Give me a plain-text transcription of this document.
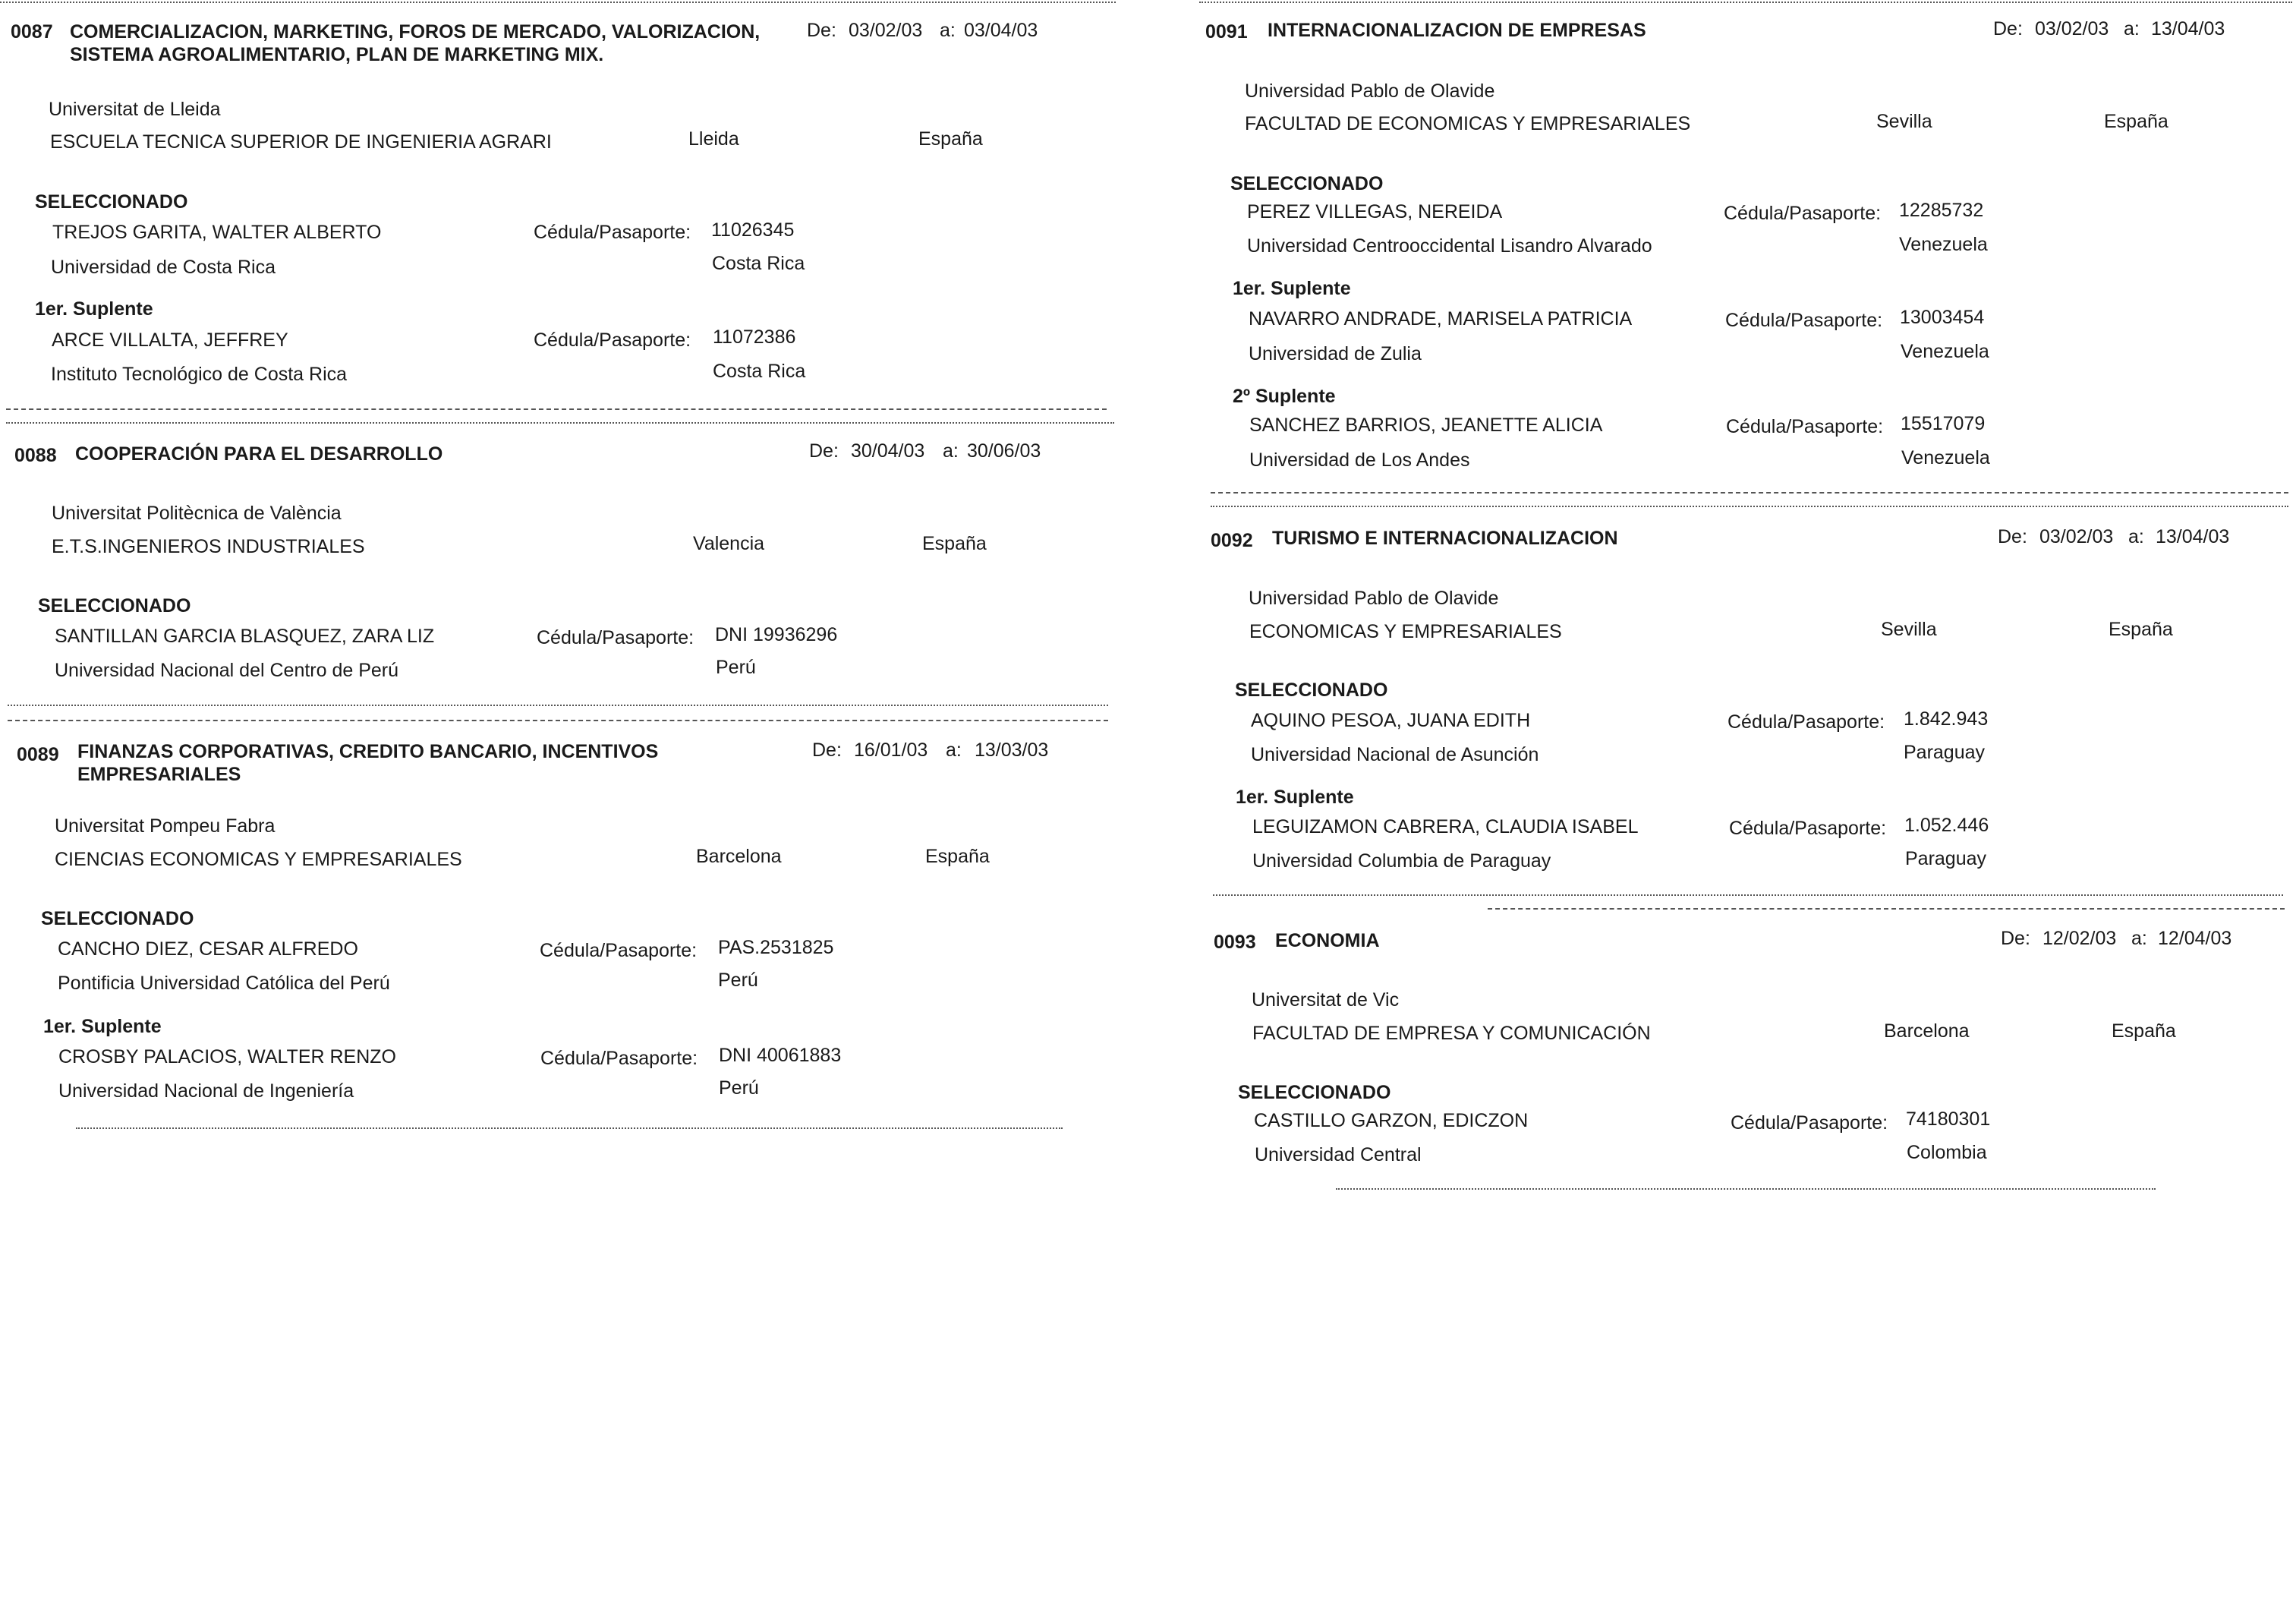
0087 COMERCIALIZACION, MARKETING, FOROS DE MERCADO, VALORIZACION,
SISTEMA AGROALIMENTARIO, PLAN DE MARKETING MIX.
De: 03/02/03 a: 03/04/03
Universitat de Lleida
ESCUELA TECNICA SUPERIOR DE INGENIERIA AGRARI	Lleida	España
SELECCIONADO
TREJOS GARITA, WALTER ALBERTO	Cédula/Pasaporte: 11026345
Universidad de Costa Rica	Costa Rica
1er. Suplente
ARCE VILLALTA, JEFFREY	Cédula/Pasaporte: 11072386
Instituto Tecnológico de Costa Rica	Costa Rica
0088 COOPERACIÓN PARA EL DESARROLLO	De: 30/04/03 a: 30/06/03
Universitat Politècnica de València
E.T.S.INGENIEROS INDUSTRIALES	Valencia	España
SELECCIONADO
SANTILLAN GARCIA BLASQUEZ, ZARA LIZ	Cédula/Pasaporte: DNI 19936296
Universidad Nacional del Centro de Perú	Perú
0089 FINANZAS CORPORATIVAS, CREDITO BANCARIO, INCENTIVOS
EMPRESARIALES
De: 16/01/03 a: 13/03/03
Universitat Pompeu Fabra
CIENCIAS ECONOMICAS Y EMPRESARIALES	Barcelona	España
SELECCIONADO
CANCHO DIEZ, CESAR ALFREDO	Cédula/Pasaporte: PAS.2531825
Pontificia Universidad Católica del Perú	Perú
1er. Suplente
CROSBY PALACIOS, WALTER RENZO	Cédula/Pasaporte: DNI 40061883
Universidad Nacional de Ingeniería	Perú
0091 INTERNACIONALIZACION DE EMPRESAS	De: 03/02/03 a: 13/04/03
Universidad Pablo de Olavide
FACULTAD DE ECONOMICAS Y EMPRESARIALES	Sevilla	España
SELECCIONADO
PEREZ VILLEGAS, NEREIDA	Cédula/Pasaporte: 12285732
Universidad Centrooccidental Lisandro Alvarado	Venezuela
1er. Suplente
NAVARRO ANDRADE, MARISELA PATRICIA	Cédula/Pasaporte: 13003454
Universidad de Zulia	Venezuela
2º Suplente
SANCHEZ BARRIOS, JEANETTE ALICIA	Cédula/Pasaporte: 15517079
Universidad de Los Andes	Venezuela
0092 TURISMO E INTERNACIONALIZACION	De: 03/02/03 a: 13/04/03
Universidad Pablo de Olavide
ECONOMICAS Y EMPRESARIALES	Sevilla	España
SELECCIONADO
AQUINO PESOA, JUANA EDITH	Cédula/Pasaporte: 1.842.943
Universidad Nacional de Asunción	Paraguay
1er. Suplente
LEGUIZAMON CABRERA, CLAUDIA ISABEL	Cédula/Pasaporte: 1.052.446
Universidad Columbia de Paraguay	Paraguay
0093 ECONOMIA	De: 12/02/03 a: 12/04/03
Universitat de Vic
FACULTAD DE EMPRESA Y COMUNICACIÓN	Barcelona	España
SELECCIONADO
CASTILLO GARZON, EDICZON	Cédula/Pasaporte: 74180301
Universidad Central	Colombia
